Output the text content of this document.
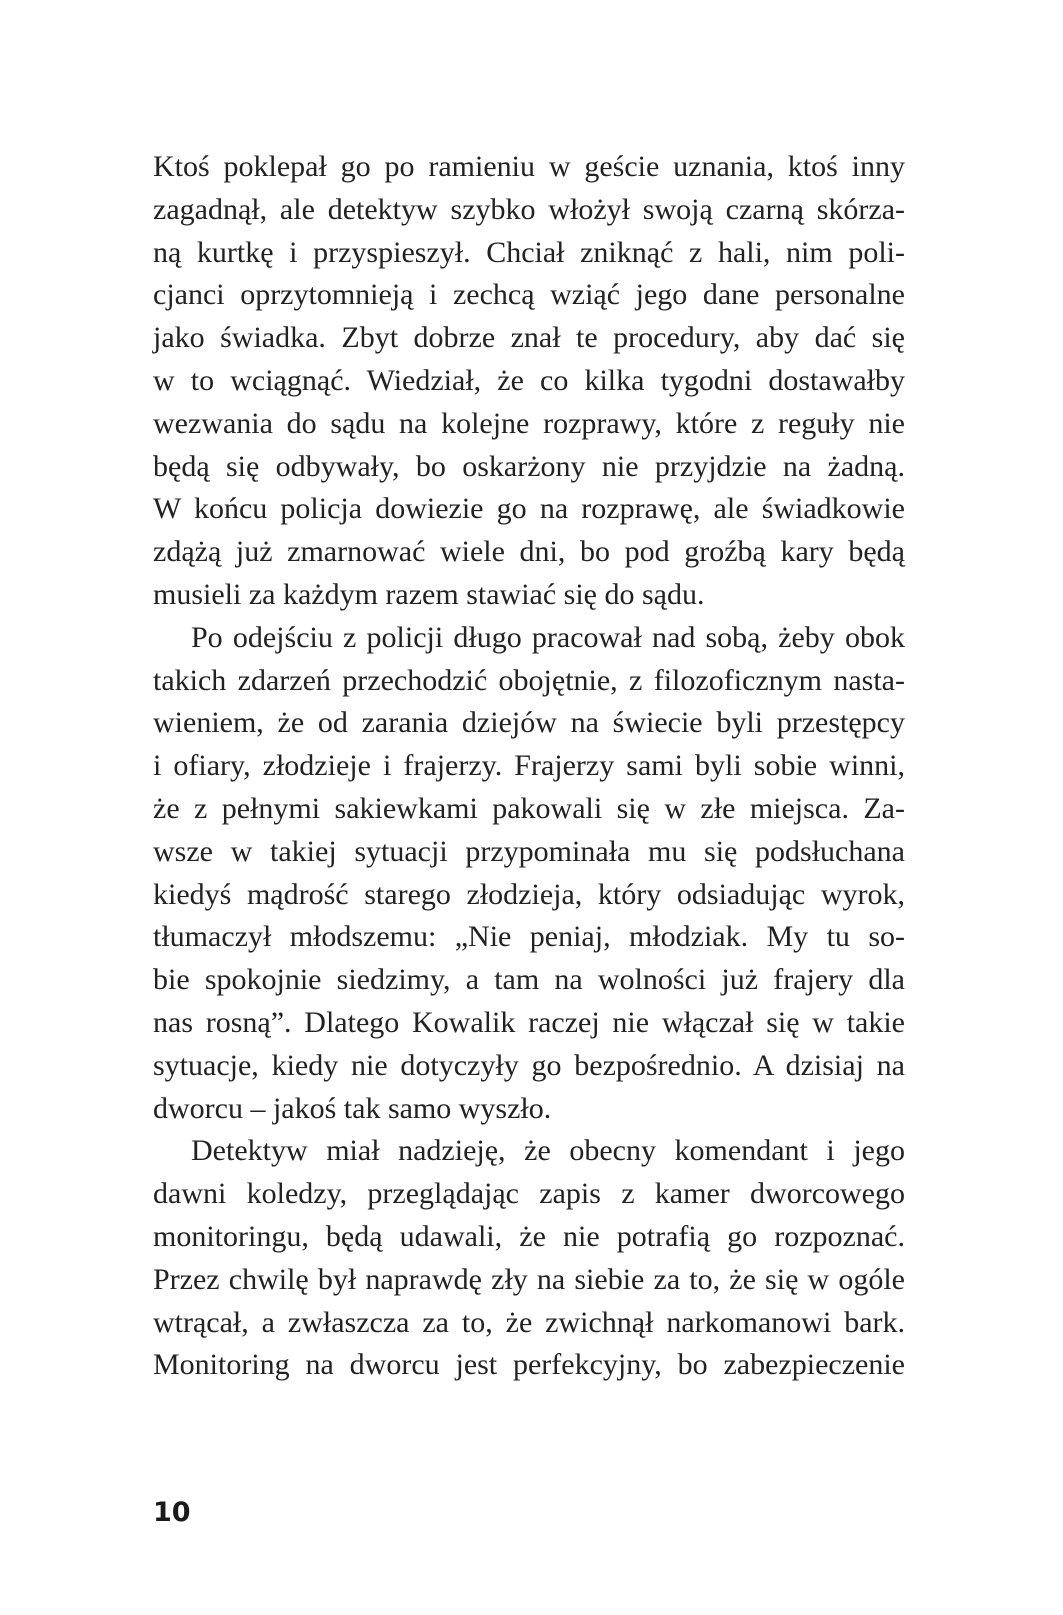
Ktoś poklepał go po ramieniu w geście uznania, ktoś inny
zagadnął, ale detektyw szybko włożył swoją czarną skórza-
ną kurtkę i przyspieszył. Chciał zniknąć z hali, nim poli-
cjanci oprzytomnieją i zechcą wziąć jego dane personalne
jako świadka. Zbyt dobrze znał te procedury, aby dać się
w to wciągnąć. Wiedział, że co kilka tygodni dostawałby
wezwania do sądu na kolejne rozprawy, które z reguły nie
będą się odbywały, bo oskarżony nie przyjdzie na żadną.
W końcu policja dowiezie go na rozprawę, ale świadkowie
zdążą już zmarnować wiele dni, bo pod groźbą kary będą
musieli za każdym razem stawiać się do sądu.
Po odejściu z policji długo pracował nad sobą, żeby obok
takich zdarzeń przechodzić obojętnie, z filozoficznym nasta-
wieniem, że od zarania dziejów na świecie byli przestępcy
i ofiary, złodzieje i frajerzy. Frajerzy sami byli sobie winni,
że z pełnymi sakiewkami pakowali się w złe miejsca. Za-
wsze w takiej sytuacji przypominała mu się podsłuchana
kiedyś mądrość starego złodzieja, który odsiadując wyrok,
tłumaczył młodszemu: „Nie peniaj, młodziak. My tu so-
bie spokojnie siedzimy, a tam na wolności już frajery dla
nas rosną”. Dlatego Kowalik raczej nie włączał się w takie
sytuacje, kiedy nie dotyczyły go bezpośrednio. A dzisiaj na
dworcu – jakoś tak samo wyszło.
Detektyw miał nadzieję, że obecny komendant i jego
dawni koledzy, przeglądając zapis z kamer dworcowego
monitoringu, będą udawali, że nie potrafią go rozpoznać.
Przez chwilę był naprawdę zły na siebie za to, że się w ogóle
wtrącał, a zwłaszcza za to, że zwichnął narkomanowi bark.
Monitoring na dworcu jest perfekcyjny, bo zabezpieczenie
10
